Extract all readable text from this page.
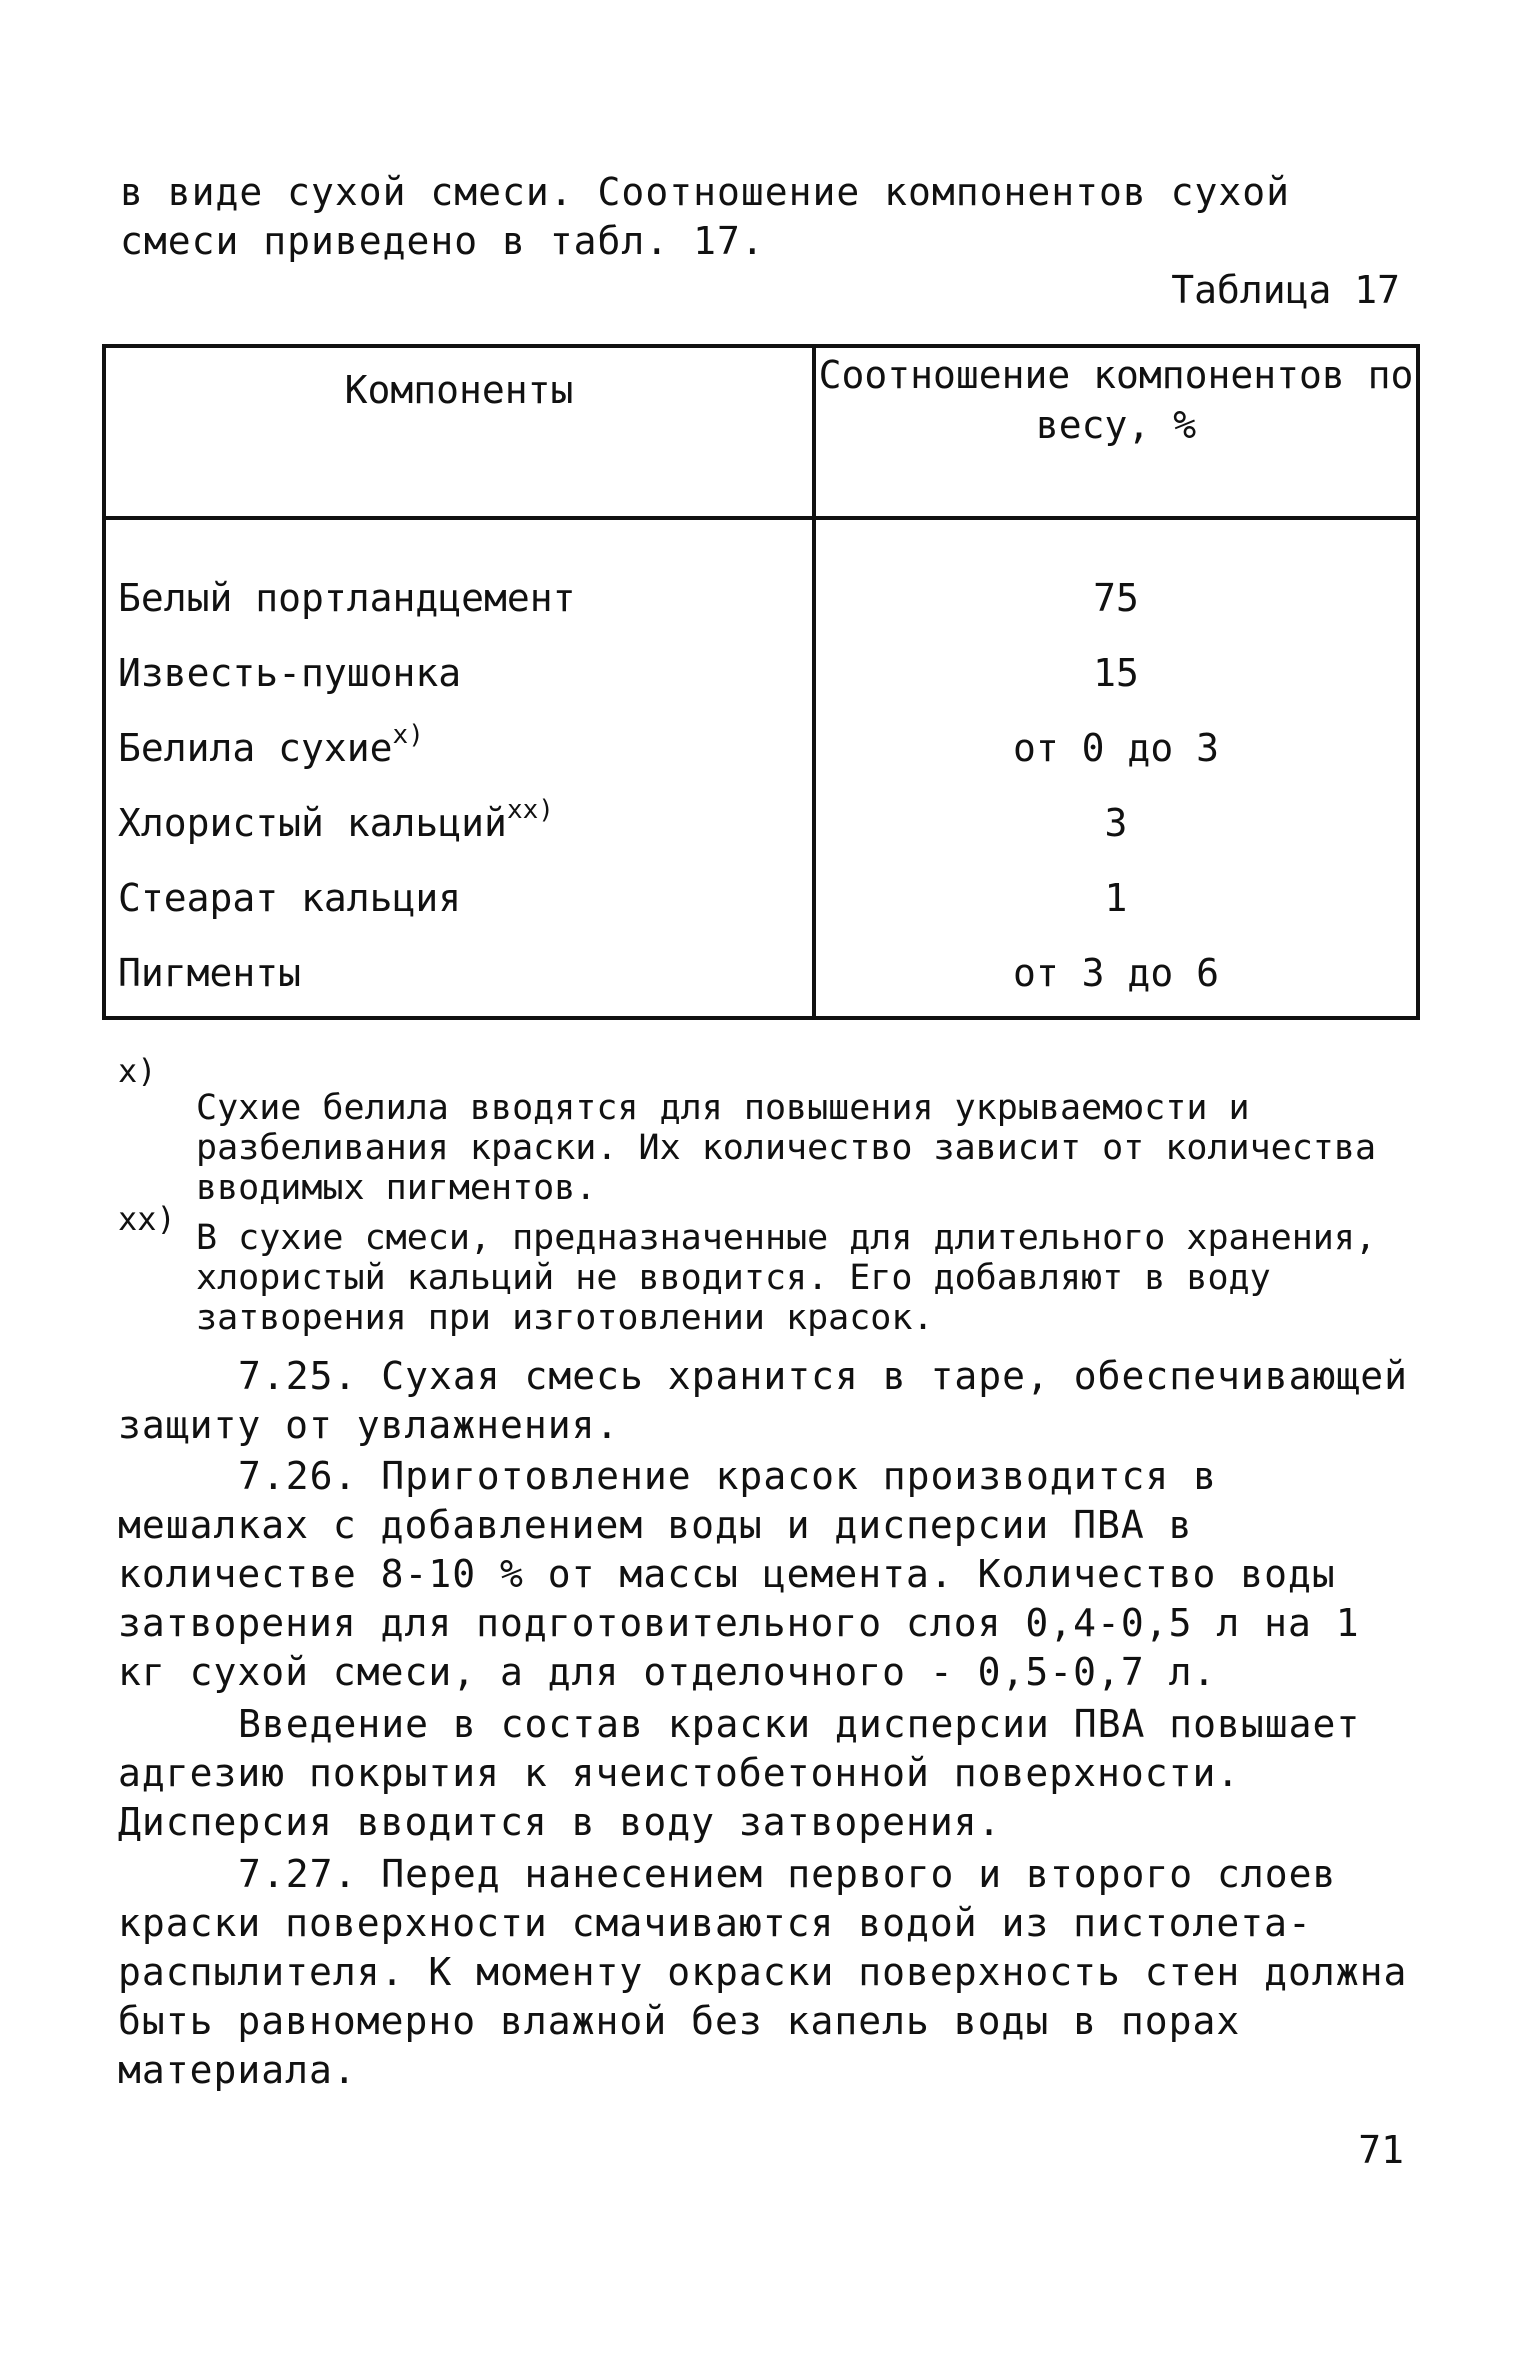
в виде сухой смеси. Соотношение компонентов сухой смеси приведено в табл. 17.

Таблица 17
Компоненты	Соотношение компонентов по весу, %

Белый портландцемент	75
Известь-пушонка	15
Белила сухие$^{x)}$	от 0 до 3
Хлористый кальций$^{xx)}$	3
Стеарат кальция	1
Пигменты	от 3 до 6
x)

Сухие белила вводятся для повышения укрываемости и разбеливания краски. Их количество зависит от количества вводимых пигментов.

xx) В сухие смеси, предназначенные для длительного хранения, хлористый кальций не вводится. Его добавляют в воду затворения при изготовлении красок.

7.25. Сухая смесь хранится в таре, обеспечивающей защиту от увлажнения.

7.26. Приготовление красок производится в мешалках с добавлением воды и дисперсии ПВА в количестве 8-10 % от массы цемента. Количество воды затворения для подготовительного слоя 0,4-0,5 л на 1 кг сухой смеси, а для отделочного - 0,5-0,7 л.

Введение в состав краски дисперсии ПВА повышает адгезию покрытия к ячеистобетонной поверхности. Дисперсия вводится в воду затворения.

7.27. Перед нанесением первого и второго слоев краски поверхности смачиваются водой из пистолета-распылителя. К моменту окраски поверхность стен должна быть равномерно влажной без капель воды в порах материала.

71
